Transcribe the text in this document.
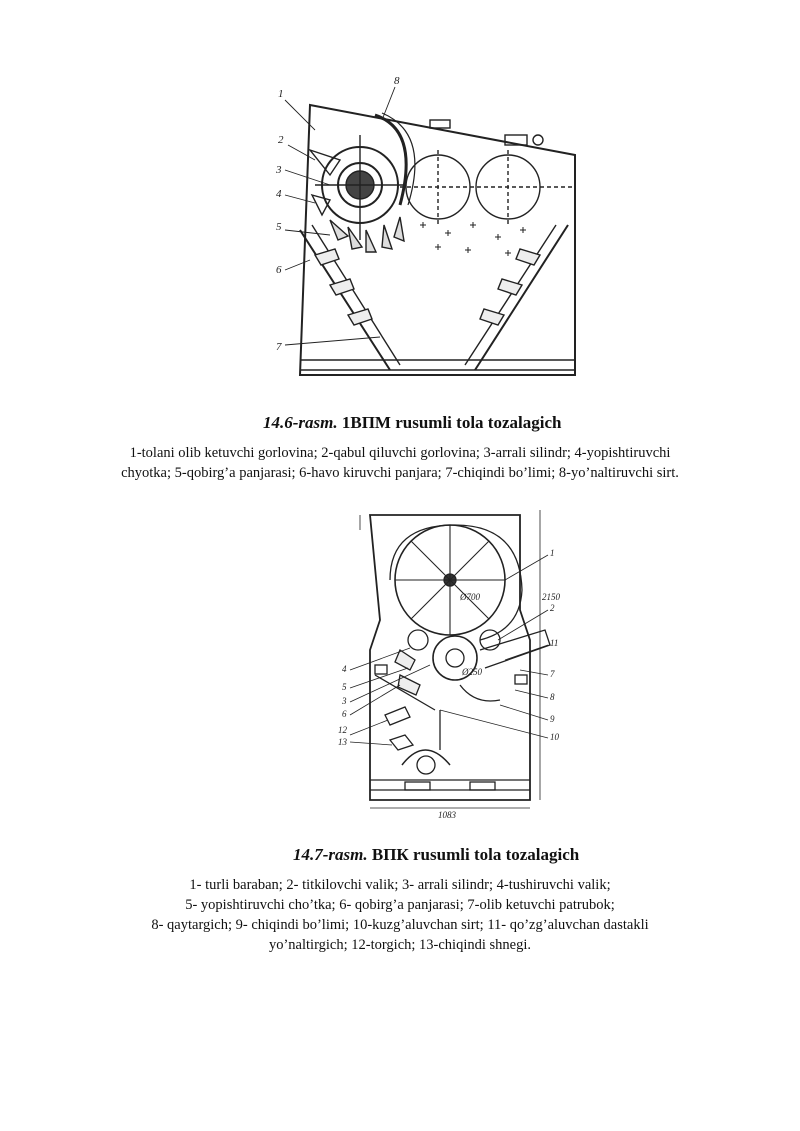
1
2
3
4
5
6
7
8
14.6-rasm. 1ВПМ rusumli tola tozalagich
1-tolani olib ketuvchi gorlovina; 2-qabul qiluvchi gorlovina; 3-arrali silindr; 4-yopishtiruvchi
chyotka; 5-qobirg’a panjarasi; 6-havo kiruvchi panjara; 7-chiqindi bo’limi; 8-yo’naltiruvchi sirt.
4
5
3
6
12
13
1
2
11
7
8
9
10
1083
2150
Ø700
Ø250
14.7-rasm. ВПК rusumli tola tozalagich
1- turli baraban; 2- titkilovchi valik; 3- arrali silindr; 4-tushiruvchi valik;
5- yopishtiruvchi cho’tka; 6- qobirg’a panjarasi; 7-olib ketuvchi patrubok;
8- qaytargich; 9- chiqindi bo’limi; 10-kuzg’aluvchan sirt; 11- qo’zg’aluvchan dastakli
yo’naltirgich; 12-torgich; 13-chiqindi shnegi.
